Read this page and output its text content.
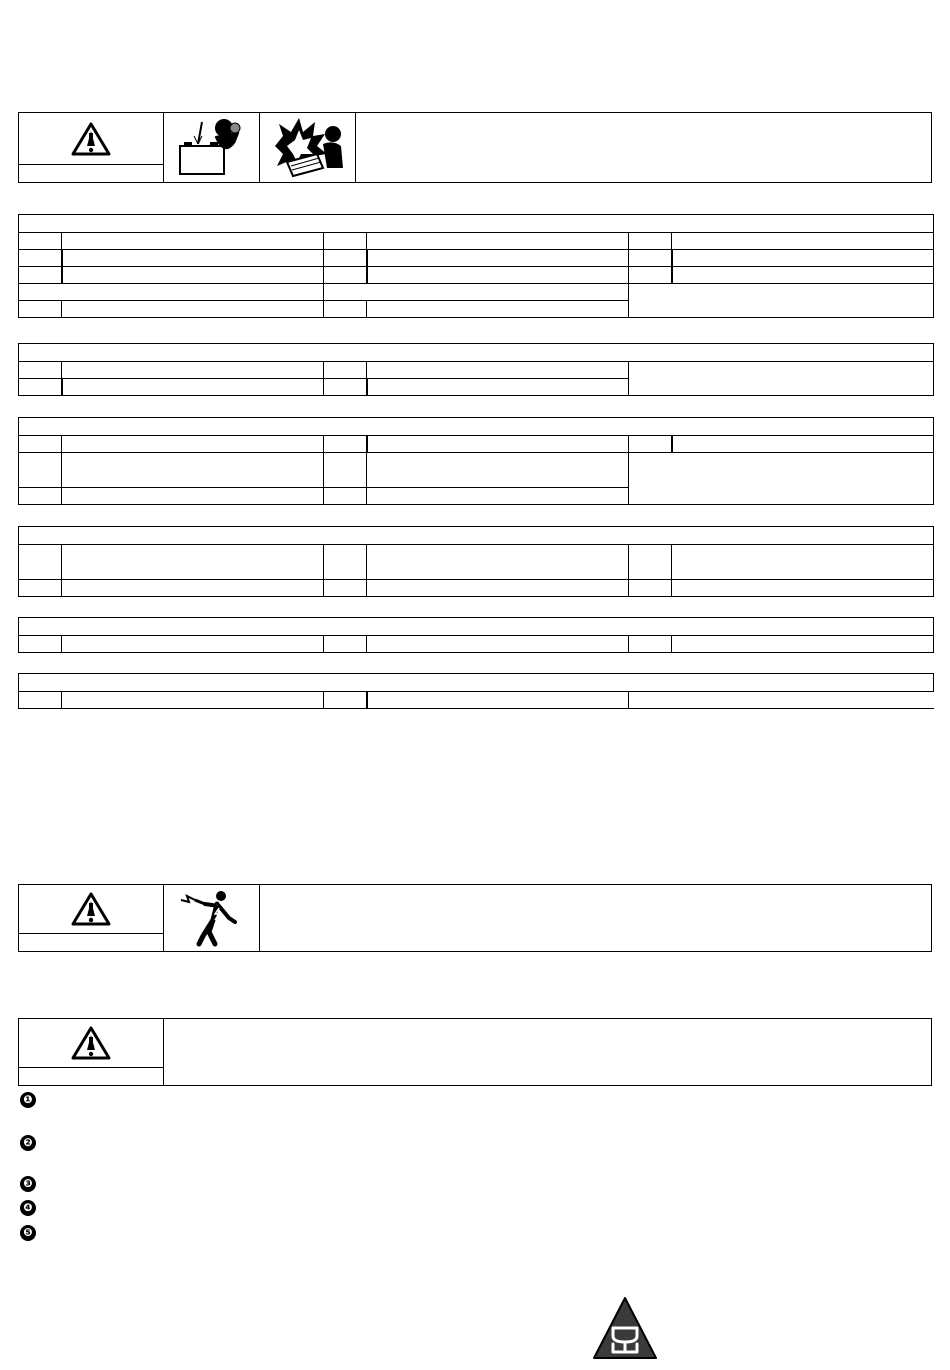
❶
❷
❸
❹
❺
